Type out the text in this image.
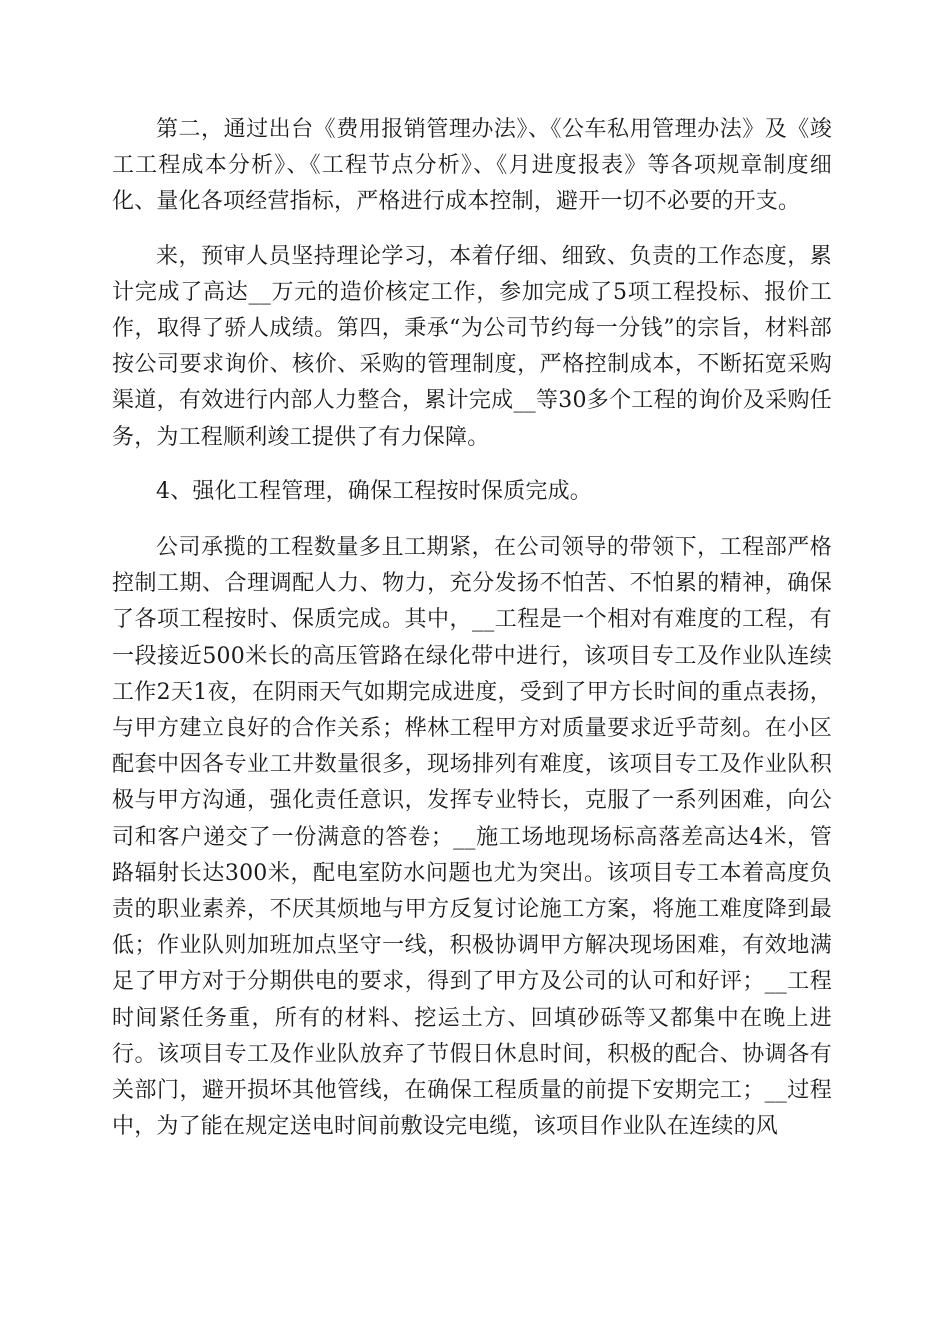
第二，通过出台《费用报销管理办法》、《公车私用管理办法》及《竣工工程成本分析》、《工程节点分析》、《月进度报表》等各项规章制度细化、量化各项经营指标，严格进行成本控制，避开一切不必要的开支。

来，预审人员坚持理论学习，本着仔细、细致、负责的工作态度，累计完成了高达__万元的造价核定工作，参加完成了5项工程投标、报价工作，取得了骄人成绩。第四，秉承“为公司节约每一分钱”的宗旨，材料部按公司要求询价、核价、采购的管理制度，严格控制成本，不断拓宽采购渠道，有效进行内部人力整合，累计完成__等30多个工程的询价及采购任务，为工程顺利竣工提供了有力保障。

4、强化工程管理，确保工程按时保质完成。

公司承揽的工程数量多且工期紧，在公司领导的带领下，工程部严格控制工期、合理调配人力、物力，充分发扬不怕苦、不怕累的精神，确保了各项工程按时、保质完成。其中，__工程是一个相对有难度的工程，有一段接近500米长的高压管路在绿化带中进行，该项目专工及作业队连续工作2天1夜，在阴雨天气如期完成进度，受到了甲方长时间的重点表扬，与甲方建立良好的合作关系；桦林工程甲方对质量要求近乎苛刻。在小区配套中因各专业工井数量很多，现场排列有难度，该项目专工及作业队积极与甲方沟通，强化责任意识，发挥专业特长，克服了一系列困难，向公司和客户递交了一份满意的答卷；__施工场地现场标高落差高达4米，管路辐射长达300米，配电室防水问题也尤为突出。该项目专工本着高度负责的职业素养，不厌其烦地与甲方反复讨论施工方案，将施工难度降到最低；作业队则加班加点坚守一线，积极协调甲方解决现场困难，有效地满足了甲方对于分期供电的要求，得到了甲方及公司的认可和好评；__工程时间紧任务重，所有的材料、挖运土方、回填砂砾等又都集中在晚上进行。该项目专工及作业队放弃了节假日休息时间，积极的配合、协调各有关部门，避开损坏其他管线，在确保工程质量的前提下安期完工；__过程中，为了能在规定送电时间前敷设完电缆，该项目作业队在连续的风
